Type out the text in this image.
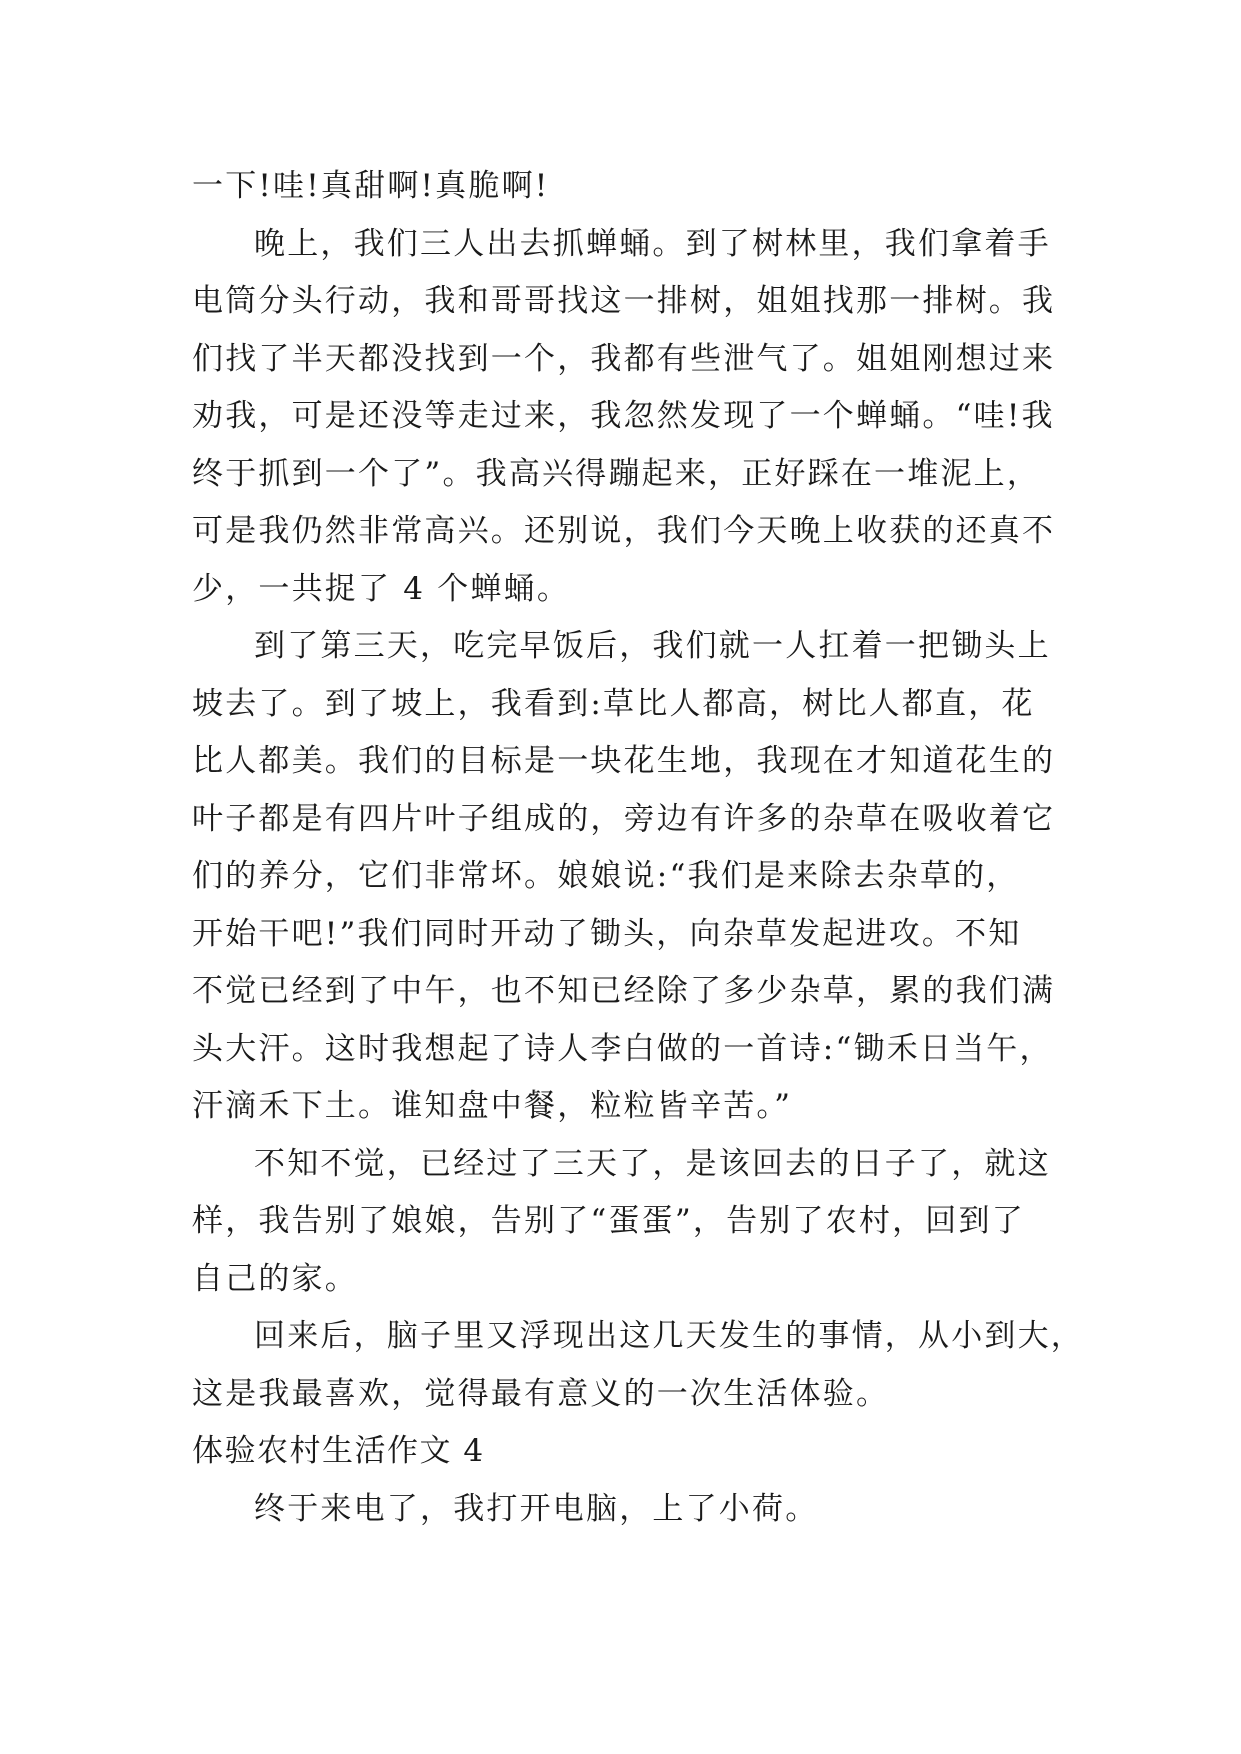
一下!哇!真甜啊!真脆啊!
晚上，我们三人出去抓蝉蛹。到了树林里，我们拿着手
电筒分头行动，我和哥哥找这一排树，姐姐找那一排树。我
们找了半天都没找到一个，我都有些泄气了。姐姐刚想过来
劝我，可是还没等走过来，我忽然发现了一个蝉蛹。“哇!我
终于抓到一个了”。我高兴得蹦起来，正好踩在一堆泥上，
可是我仍然非常高兴。还别说，我们今天晚上收获的还真不
少，一共捉了 4 个蝉蛹。
到了第三天，吃完早饭后，我们就一人扛着一把锄头上
坡去了。到了坡上，我看到:草比人都高，树比人都直，花
比人都美。我们的目标是一块花生地，我现在才知道花生的
叶子都是有四片叶子组成的，旁边有许多的杂草在吸收着它
们的养分，它们非常坏。娘娘说:“我们是来除去杂草的，
开始干吧!”我们同时开动了锄头，向杂草发起进攻。不知
不觉已经到了中午，也不知已经除了多少杂草，累的我们满
头大汗。这时我想起了诗人李白做的一首诗:“锄禾日当午，
汗滴禾下土。谁知盘中餐，粒粒皆辛苦。”
不知不觉，已经过了三天了，是该回去的日子了，就这
样，我告别了娘娘，告别了“蛋蛋”，告别了农村，回到了
自己的家。
回来后，脑子里又浮现出这几天发生的事情，从小到大，
这是我最喜欢，觉得最有意义的一次生活体验。
体验农村生活作文 4
终于来电了，我打开电脑，上了小荷。
